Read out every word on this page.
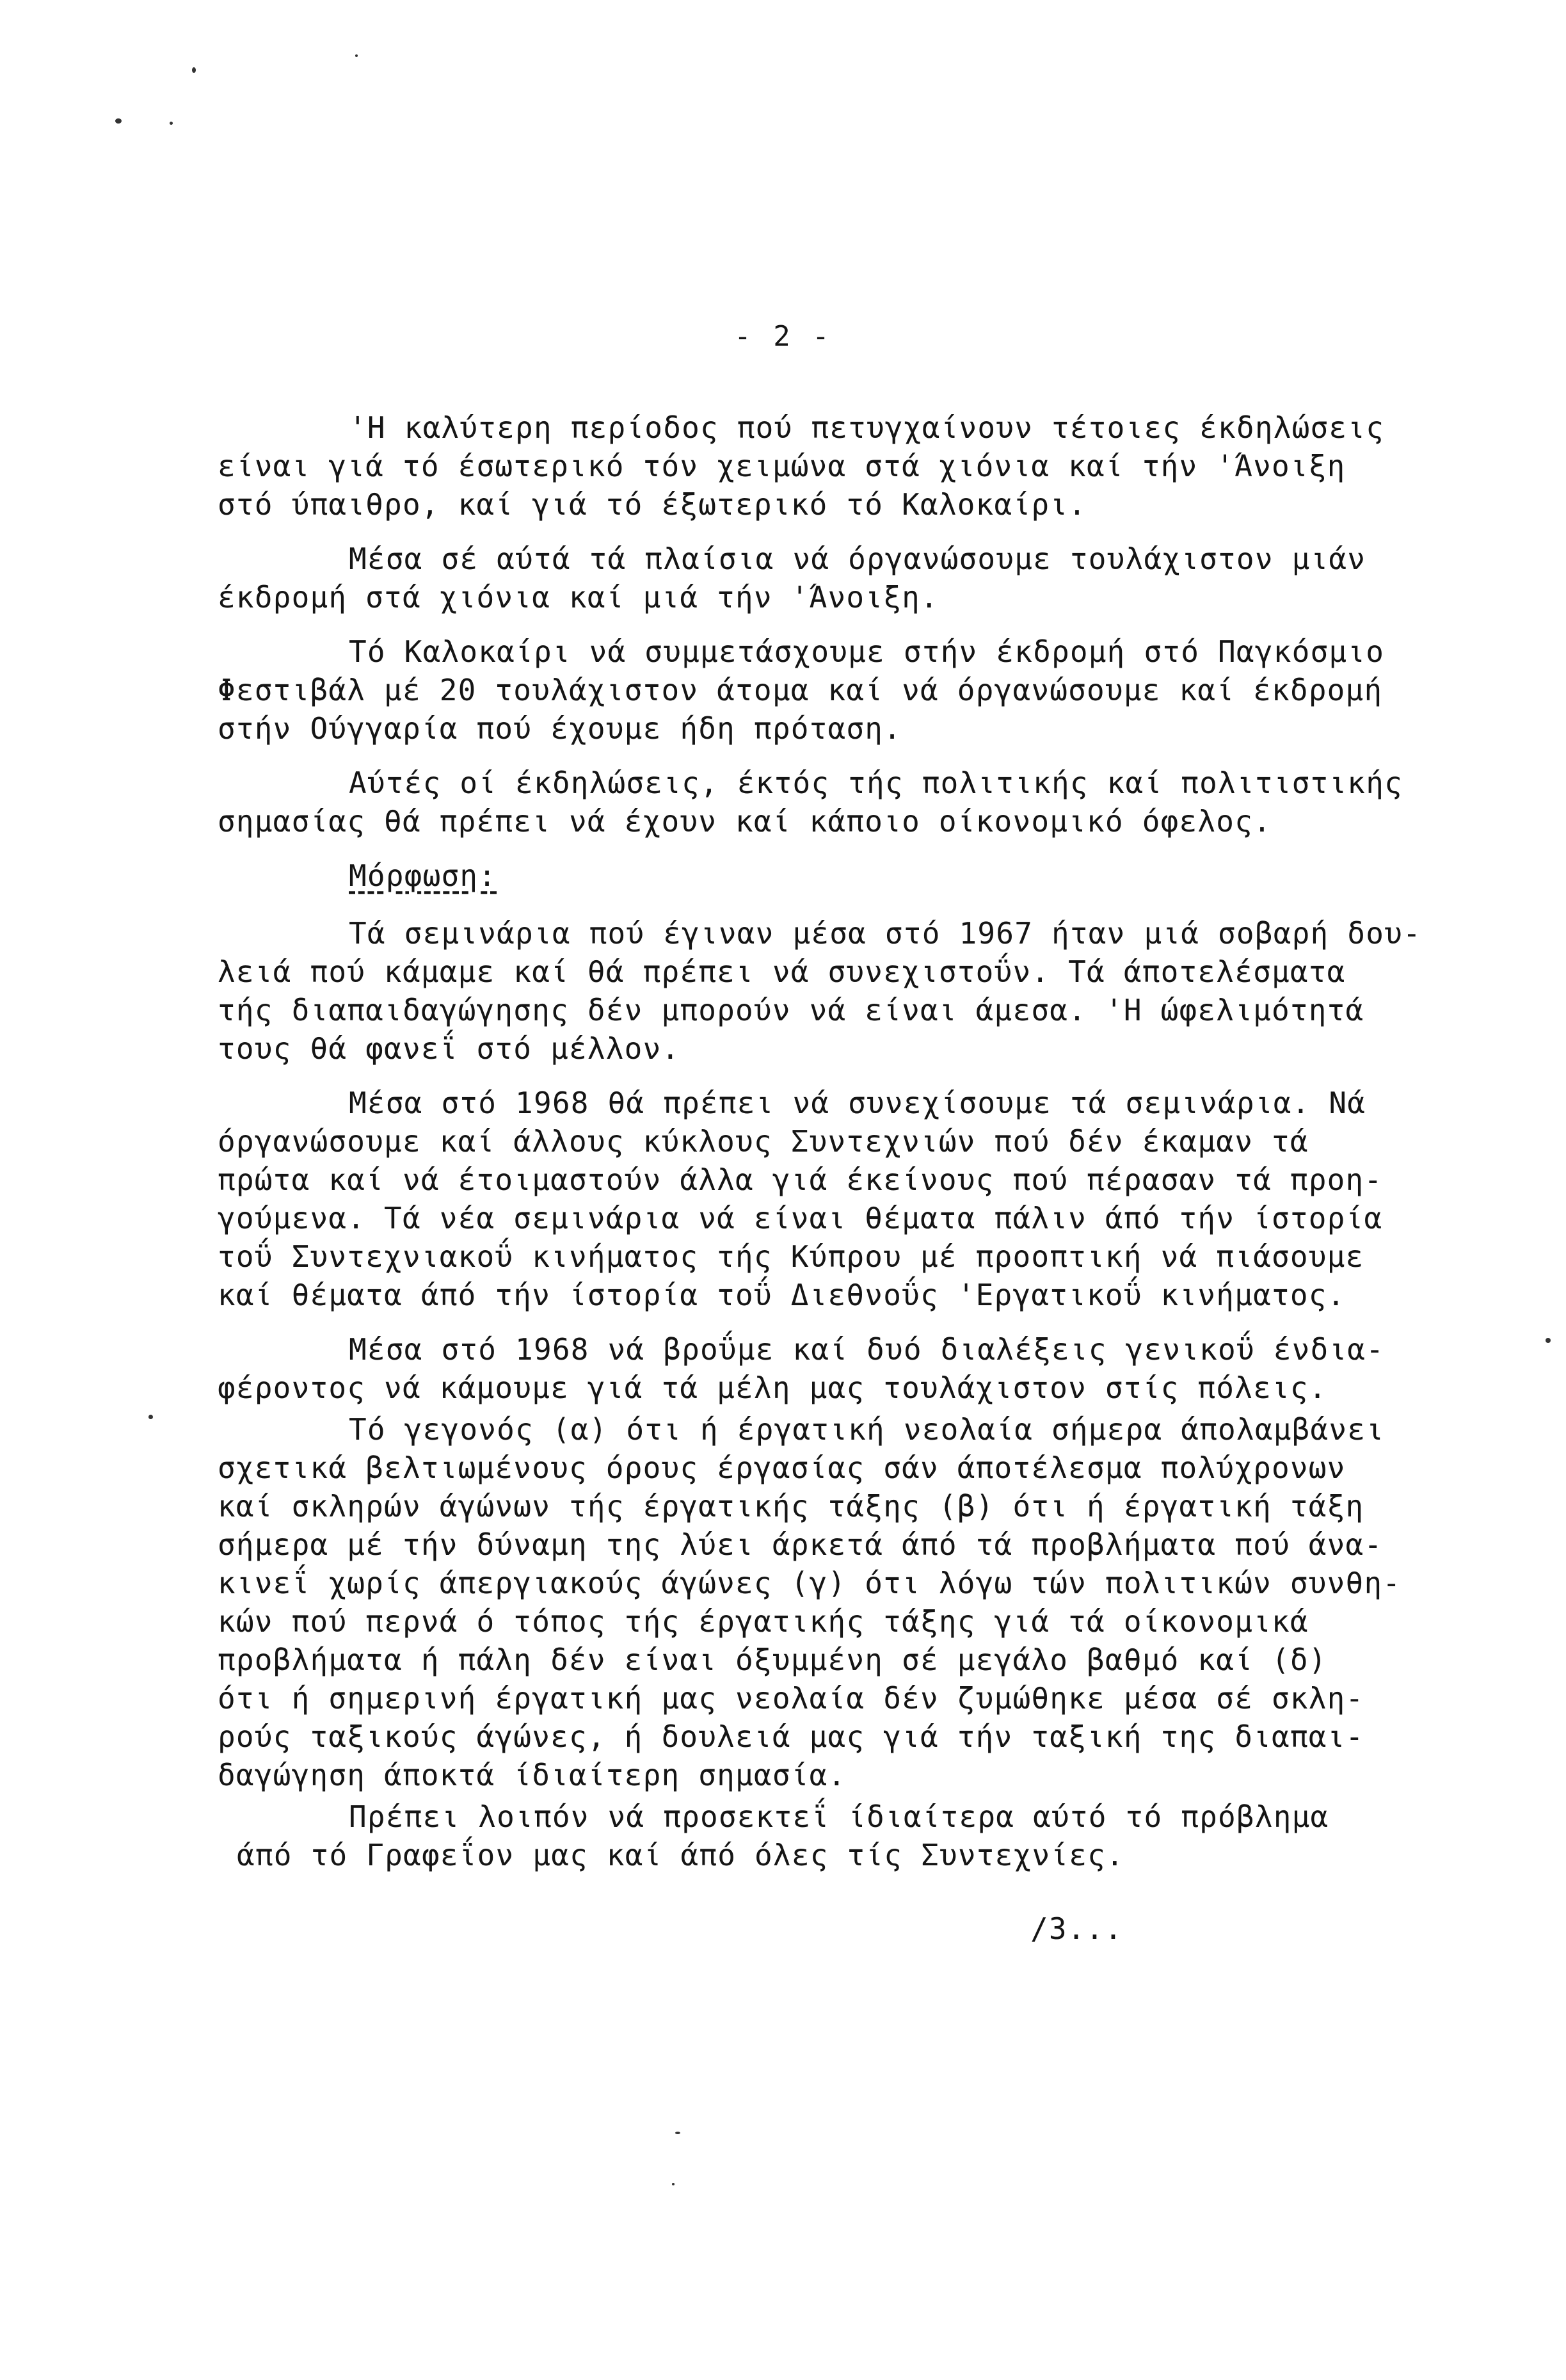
- 2 -
'Η καλύτερη περίοδος πού πετυγχαίνουν τέτοιες έκδηλώσεις
είναι γιά τό έσωτερικό τόν χειμώνα στά χιόνια καί τήν 'Άνοιξη
στό ύπαιθρο, καί γιά τό έξωτερικό τό Καλοκαίρι.
Μέσα σέ αύτά τά πλαίσια νά όργανώσουμε τουλάχιστον μιάν
έκδρομή στά χιόνια καί μιά τήν 'Άνοιξη.
Τό Καλοκαίρι νά συμμετάσχουμε στήν έκδρομή στό Παγκόσμιο
Φεστιβάλ μέ 20 τουλάχιστον άτομα καί νά όργανώσουμε καί έκδρομή
στήν Ούγγαρία πού έχουμε ήδη πρόταση.
Αύτές οί έκδηλώσεις, έκτός τής πολιτικής καί πολιτιστικής
σημασίας θά πρέπει νά έχουν καί κάποιο οίκονομικό όφελος.
Μόρφωση:
Τά σεμινάρια πού έγιναν μέσα στό 1967 ήταν μιά σοβαρή δου-
λειά πού κάμαμε καί θά πρέπει νά συνεχιστοΰν. Τά άποτελέσματα
τής διαπαιδαγώγησης δέν μπορούν νά είναι άμεσα. 'Η ώφελιμότητά
τους θά φανεΐ στό μέλλον.
Μέσα στό 1968 θά πρέπει νά συνεχίσουμε τά σεμινάρια. Νά
όργανώσουμε καί άλλους κύκλους Συντεχνιών πού δέν έκαμαν τά
πρώτα καί νά έτοιμαστούν άλλα γιά έκείνους πού πέρασαν τά προη-
γούμενα. Τά νέα σεμινάρια νά είναι θέματα πάλιν άπό τήν ίστορία
τοΰ Συντεχνιακοΰ κινήματος τής Κύπρου μέ προοπτική νά πιάσουμε
καί θέματα άπό τήν ίστορία τοΰ Διεθνοΰς 'Εργατικοΰ κινήματος.
Μέσα στό 1968 νά βροΰμε καί δυό διαλέξεις γενικοΰ ένδια-
φέροντος νά κάμουμε γιά τά μέλη μας τουλάχιστον στίς πόλεις.
Τό γεγονός (α) ότι ή έργατική νεολαία σήμερα άπολαμβάνει
σχετικά βελτιωμένους όρους έργασίας σάν άποτέλεσμα πολύχρονων
καί σκληρών άγώνων τής έργατικής τάξης (β) ότι ή έργατική τάξη
σήμερα μέ τήν δύναμη της λύει άρκετά άπό τά προβλήματα πού άνα-
κινεΐ χωρίς άπεργιακούς άγώνες (γ) ότι λόγω τών πολιτικών συνθη-
κών πού περνά ό τόπος τής έργατικής τάξης γιά τά οίκονομικά
προβλήματα ή πάλη δέν είναι όξυμμένη σέ μεγάλο βαθμό καί (δ)
ότι ή σημερινή έργατική μας νεολαία δέν ζυμώθηκε μέσα σέ σκλη-
ρούς ταξικούς άγώνες, ή δουλειά μας γιά τήν ταξική της διαπαι-
δαγώγηση άποκτά ίδιαίτερη σημασία.
Πρέπει λοιπόν νά προσεκτεΐ ίδιαίτερα αύτό τό πρόβλημα
άπό τό Γραφεΐον μας καί άπό όλες τίς Συντεχνίες.
/3...
